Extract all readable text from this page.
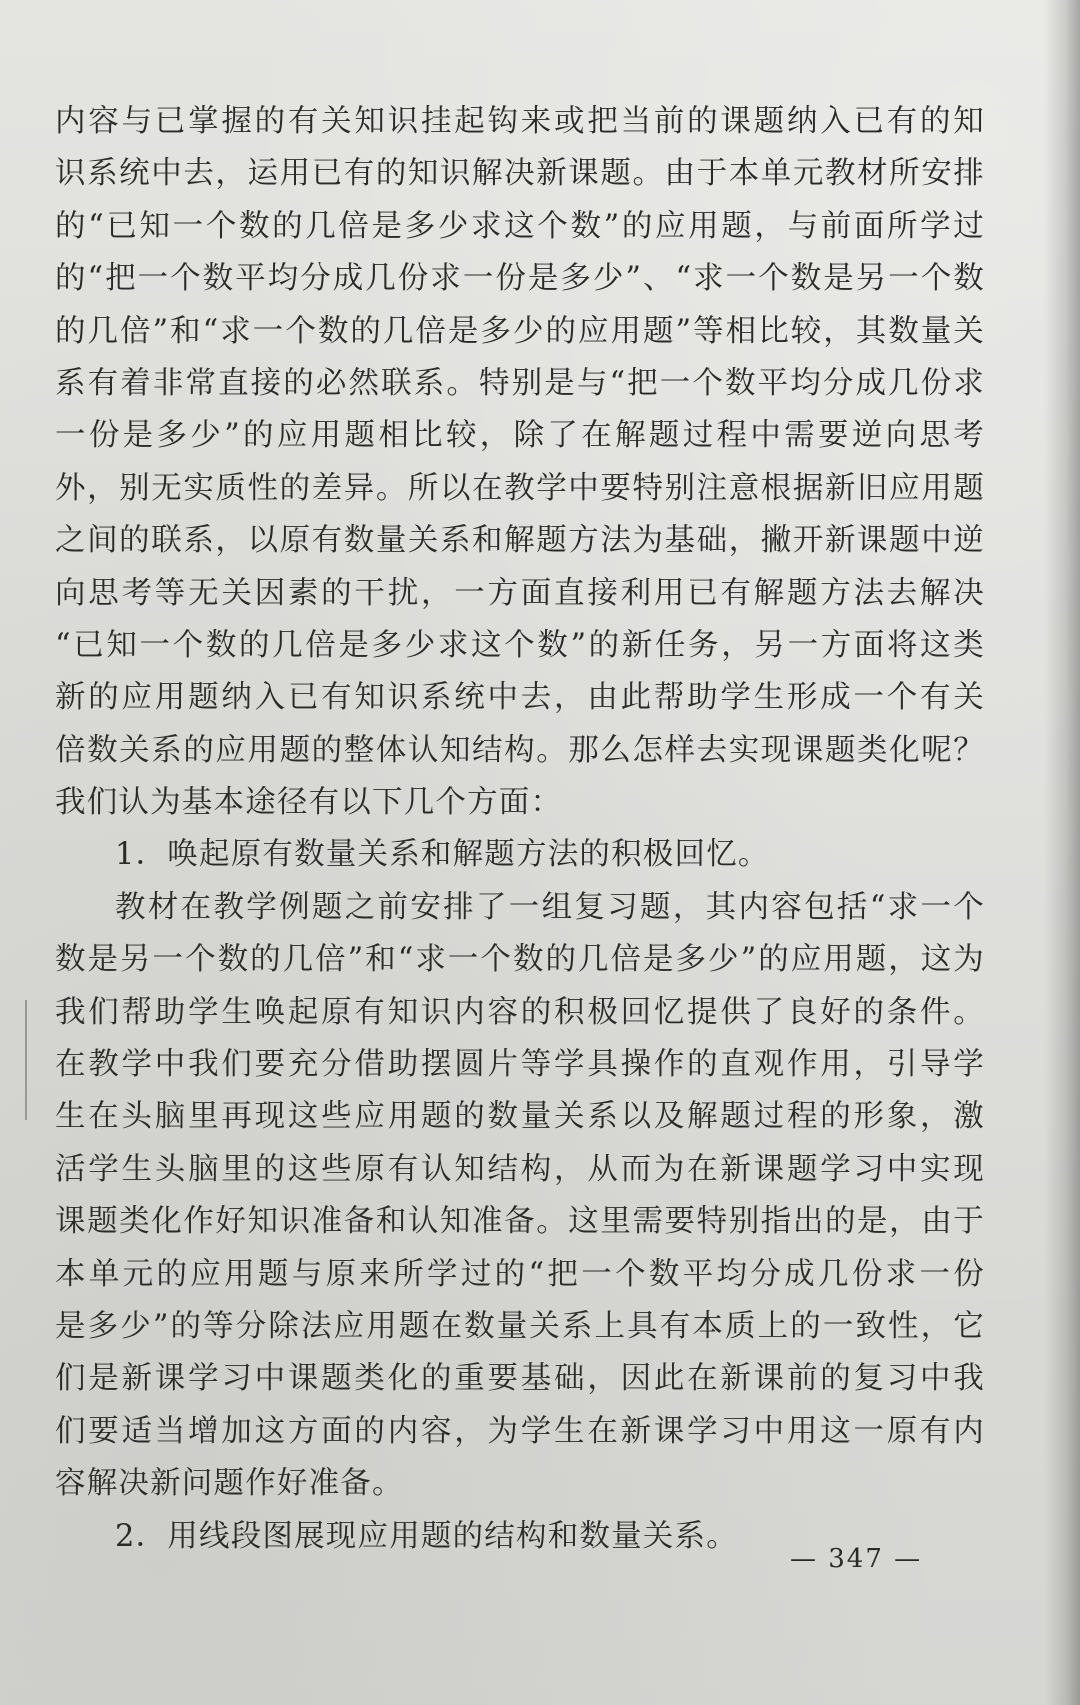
内容与已掌握的有关知识挂起钩来或把当前的课题纳入已有的知
识系统中去，运用已有的知识解决新课题。由于本单元教材所安排
的“已知一个数的几倍是多少求这个数”的应用题，与前面所学过
的“把一个数平均分成几份求一份是多少”、“求一个数是另一个数
的几倍”和“求一个数的几倍是多少的应用题”等相比较，其数量关
系有着非常直接的必然联系。特别是与“把一个数平均分成几份求
一份是多少”的应用题相比较，除了在解题过程中需要逆向思考
外，别无实质性的差异。所以在教学中要特别注意根据新旧应用题
之间的联系，以原有数量关系和解题方法为基础，撇开新课题中逆
向思考等无关因素的干扰，一方面直接利用已有解题方法去解决
“已知一个数的几倍是多少求这个数”的新任务，另一方面将这类
新的应用题纳入已有知识系统中去，由此帮助学生形成一个有关
倍数关系的应用题的整体认知结构。那么怎样去实现课题类化呢？
我们认为基本途径有以下几个方面：
1．唤起原有数量关系和解题方法的积极回忆。
教材在教学例题之前安排了一组复习题，其内容包括“求一个
数是另一个数的几倍”和“求一个数的几倍是多少”的应用题，这为
我们帮助学生唤起原有知识内容的积极回忆提供了良好的条件。
在教学中我们要充分借助摆圆片等学具操作的直观作用，引导学
生在头脑里再现这些应用题的数量关系以及解题过程的形象，激
活学生头脑里的这些原有认知结构，从而为在新课题学习中实现
课题类化作好知识准备和认知准备。这里需要特别指出的是，由于
本单元的应用题与原来所学过的“把一个数平均分成几份求一份
是多少”的等分除法应用题在数量关系上具有本质上的一致性，它
们是新课学习中课题类化的重要基础，因此在新课前的复习中我
们要适当增加这方面的内容，为学生在新课学习中用这一原有内
容解决新问题作好准备。
2．用线段图展现应用题的结构和数量关系。
— 347 —
